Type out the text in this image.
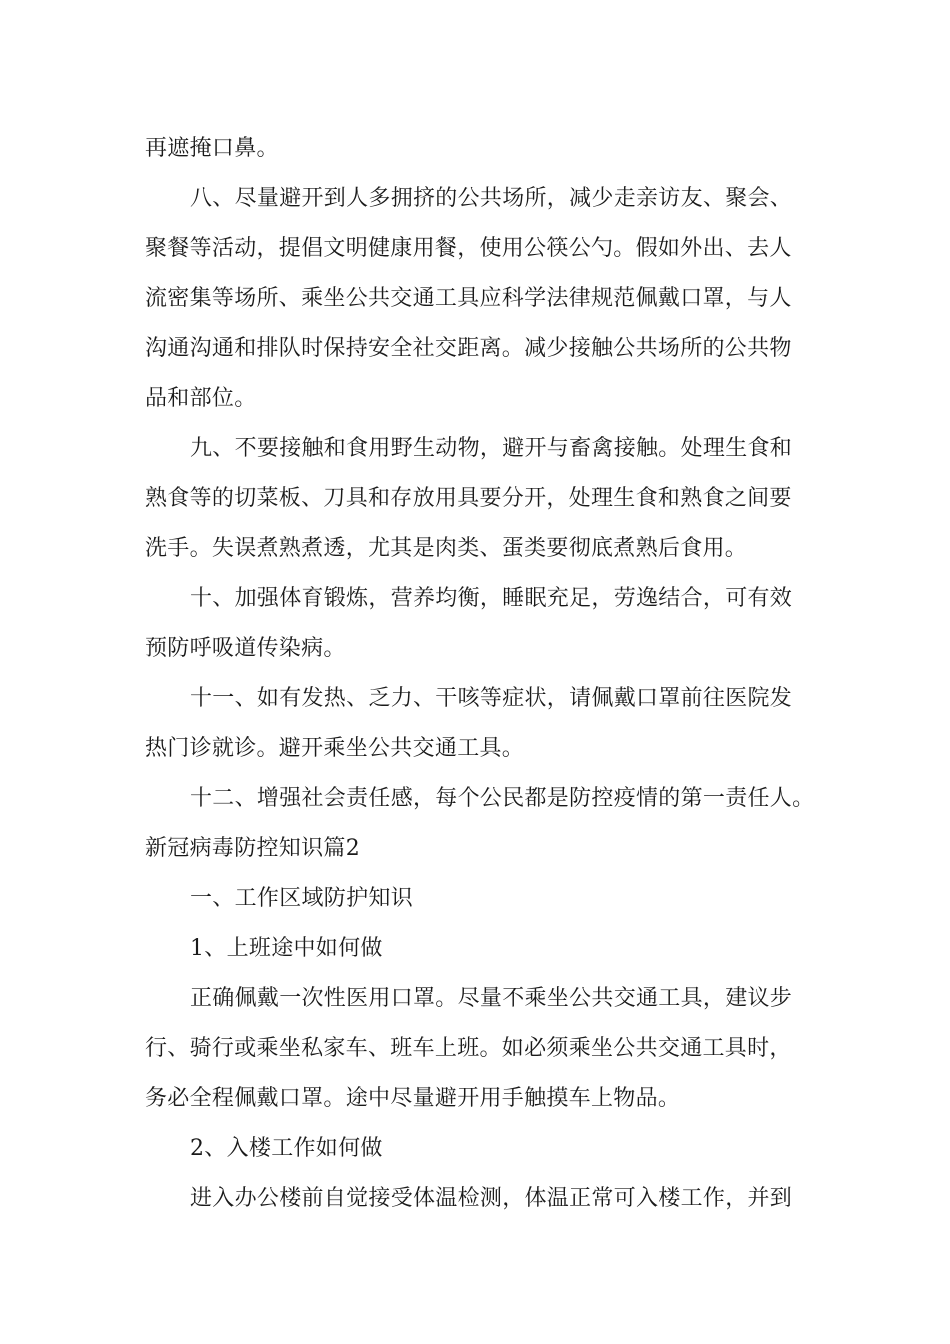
再遮掩口鼻。
八、尽量避开到人多拥挤的公共场所，减少走亲访友、聚会、
聚餐等活动，提倡文明健康用餐，使用公筷公勺。假如外出、去人
流密集等场所、乘坐公共交通工具应科学法律规范佩戴口罩，与人
沟通沟通和排队时保持安全社交距离。减少接触公共场所的公共物
品和部位。
九、不要接触和食用野生动物，避开与畜禽接触。处理生食和
熟食等的切菜板、刀具和存放用具要分开，处理生食和熟食之间要
洗手。失误煮熟煮透，尤其是肉类、蛋类要彻底煮熟后食用。
十、加强体育锻炼，营养均衡，睡眠充足，劳逸结合，可有效
预防呼吸道传染病。
十一、如有发热、乏力、干咳等症状，请佩戴口罩前往医院发
热门诊就诊。避开乘坐公共交通工具。
十二、增强社会责任感，每个公民都是防控疫情的第一责任人。
新冠病毒防控知识篇2
一、工作区域防护知识
1、上班途中如何做
正确佩戴一次性医用口罩。尽量不乘坐公共交通工具，建议步
行、骑行或乘坐私家车、班车上班。如必须乘坐公共交通工具时，
务必全程佩戴口罩。途中尽量避开用手触摸车上物品。
2、入楼工作如何做
进入办公楼前自觉接受体温检测，体温正常可入楼工作，并到
